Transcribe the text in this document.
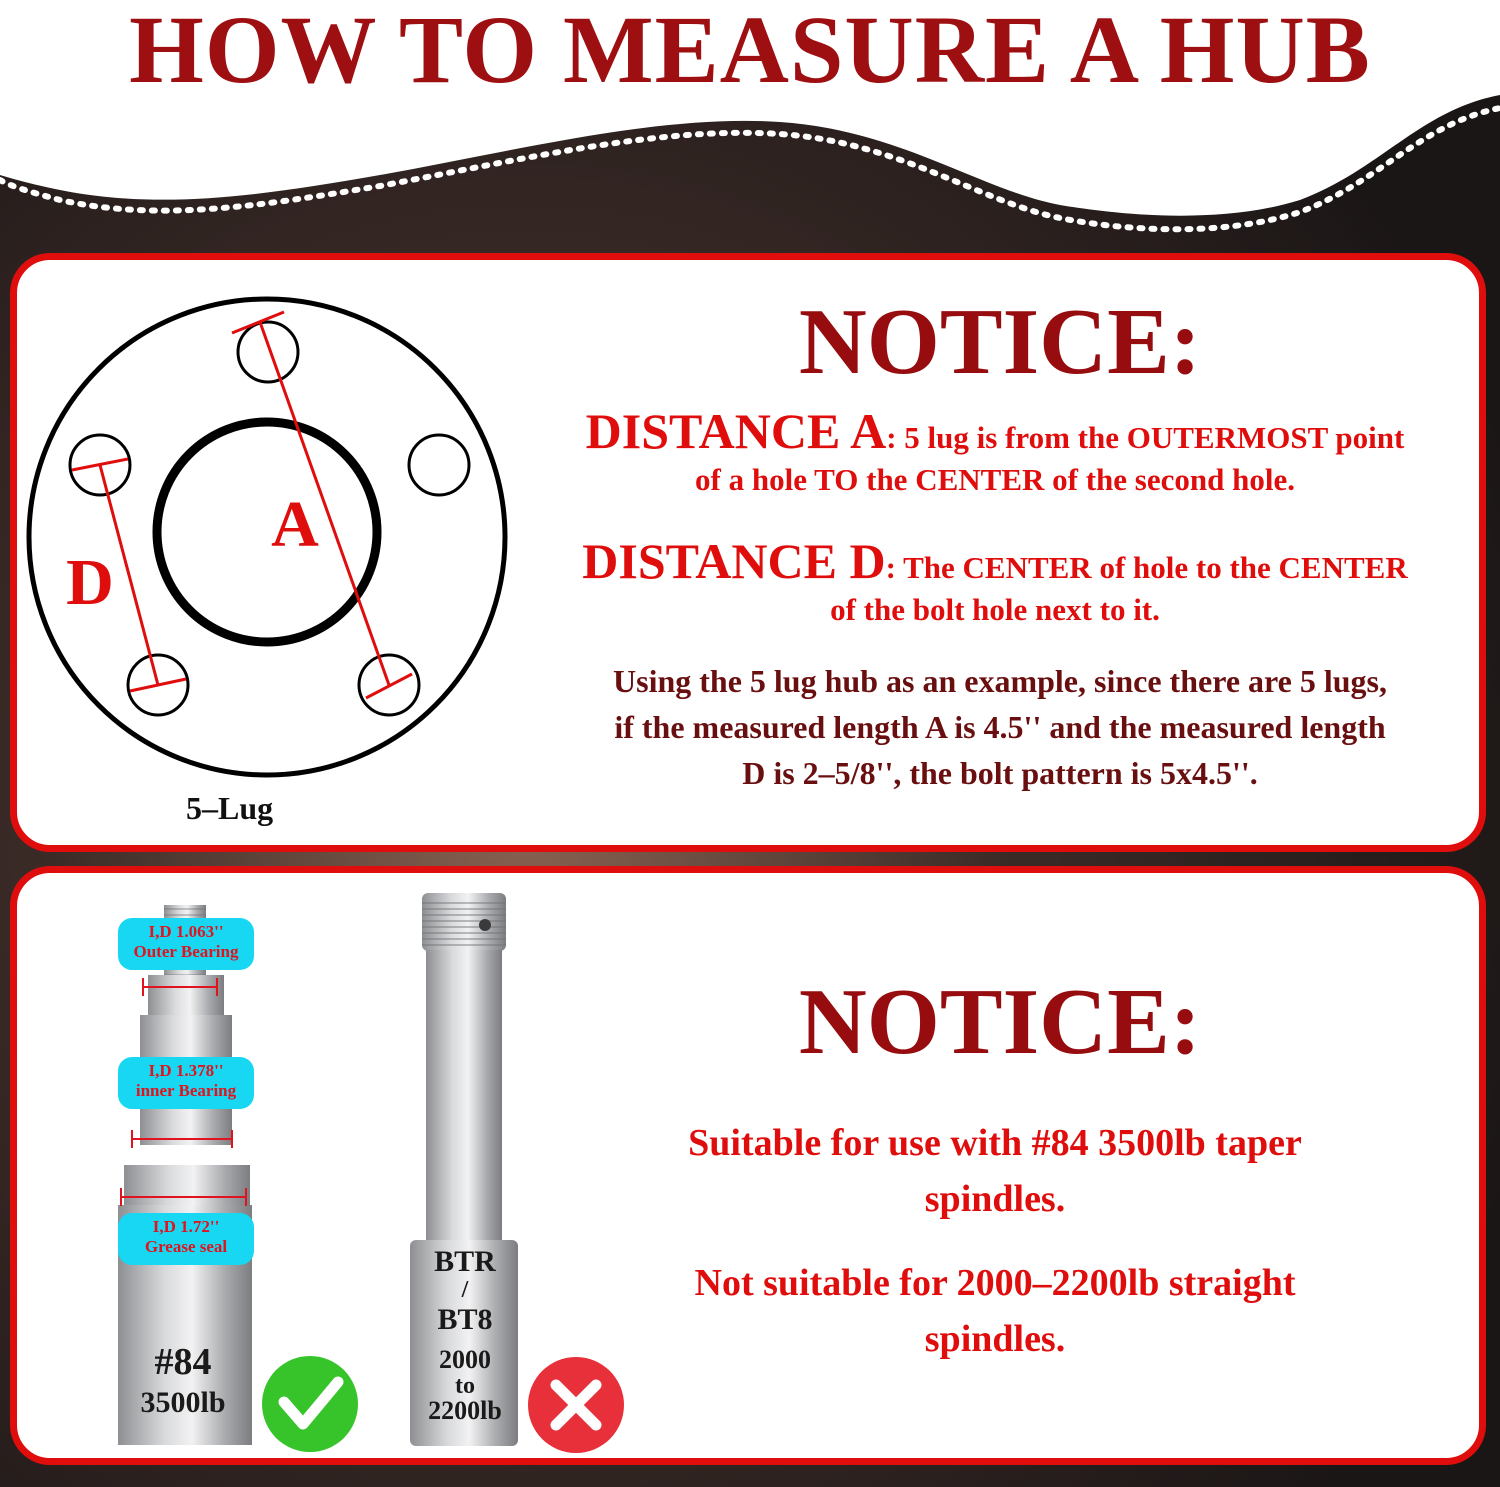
HOW TO MEASURE A HUB
A
D
5–Lug
NOTICE:
DISTANCE A: 5 lug is from the OUTERMOST point
of a hole TO the CENTER of the second hole.
DISTANCE D: The CENTER of hole to the CENTER
of the bolt hole next to it.
Using the 5 lug hub as an example, since there are 5 lugs,
if the measured length A is 4.5'' and the measured length
D is 2–5/8'', the bolt pattern is 5x4.5''.
I,D 1.063''
Outer Bearing
I,D 1.378''
inner Bearing
I,D 1.72''
Grease seal
#84
3500lb
BTR
/
BT8
2000
to
2200lb
NOTICE:
Suitable for use with #84 3500lb taper
spindles.
Not suitable for 2000–2200lb straight
spindles.
